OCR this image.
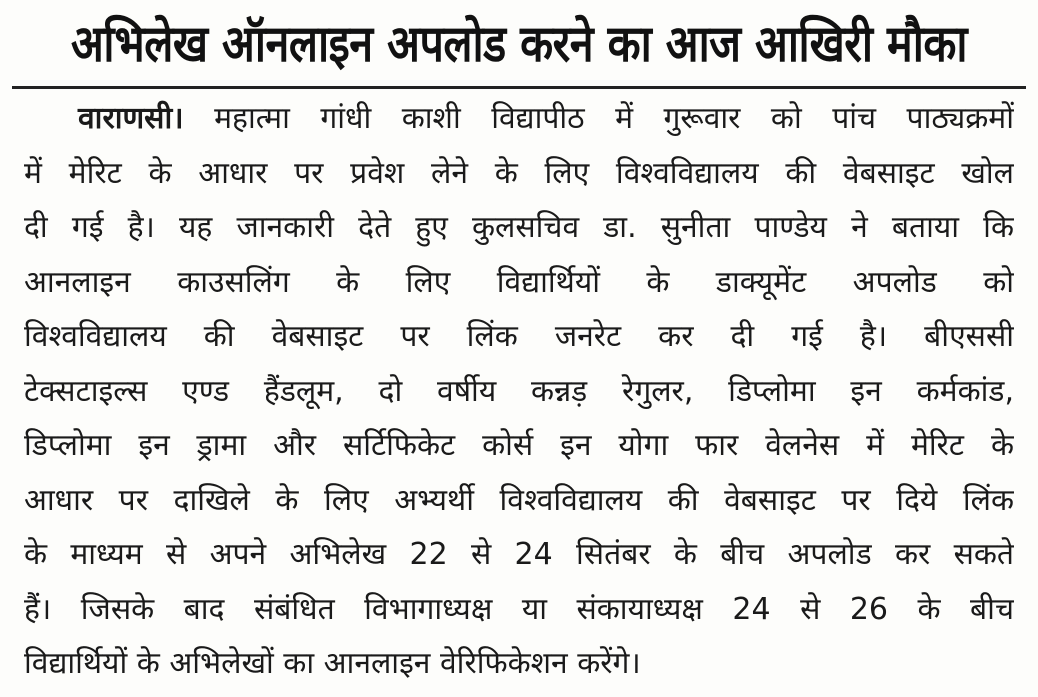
अभिलेख ऑनलाइन अपलोड करने का आज आखिरी मौका
वाराणसी। महात्मा गांधी काशी विद्यापीठ में गुरूवार को पांच पाठ्यक्रमों
में मेरिट के आधार पर प्रवेश लेने के लिए विश्वविद्यालय की वेबसाइट खोल
दी गई है। यह जानकारी देते हुए कुलसचिव डा. सुनीता पाण्डेय ने बताया कि
आनलाइन काउसलिंग के लिए विद्यार्थियों के डाक्यूमेंट अपलोड को
विश्वविद्यालय की वेबसाइट पर लिंक जनरेट कर दी गई है। बीएससी
टेक्सटाइल्स एण्ड हैंडलूम, दो वर्षीय कन्नड़ रेगुलर, डिप्लोमा इन कर्मकांड,
डिप्लोमा इन ड्रामा और सर्टिफिकेट कोर्स इन योगा फार वेलनेस में मेरिट के
आधार पर दाखिले के लिए अभ्यर्थी विश्वविद्यालय की वेबसाइट पर दिये लिंक
के माध्यम से अपने अभिलेख 22 से 24 सितंबर के बीच अपलोड कर सकते
हैं। जिसके बाद संबंधित विभागाध्यक्ष या संकायाध्यक्ष 24 से 26 के बीच
विद्यार्थियों के अभिलेखों का आनलाइन वेरिफिकेशन करेंगे।
